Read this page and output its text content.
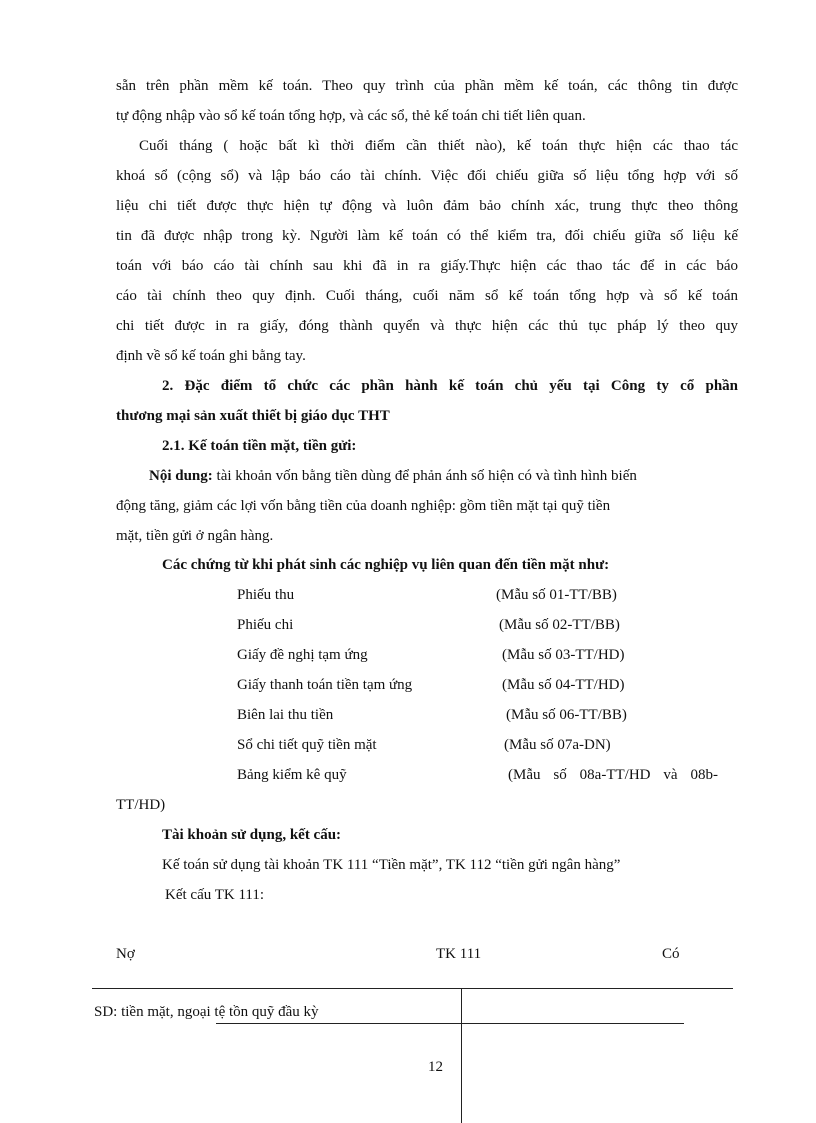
sẵn trên phần mềm kế toán. Theo quy trình của phần mềm kế toán, các thông tin được
tự động nhập vào sổ kế toán tổng hợp, và các sổ, thẻ kế toán chi tiết liên quan.
Cuối tháng ( hoặc bất kì thời điểm cần thiết nào), kế toán thực hiện các thao tác
khoá sổ (cộng sổ) và lập báo cáo tài chính. Việc đối chiếu giữa số liệu tổng hợp với số
liệu chi tiết được thực hiện tự động và luôn đảm bảo chính xác, trung thực theo thông
tin đã được nhập trong kỳ. Người làm kế toán có thể kiểm tra, đối chiếu giữa số liệu kế
toán với báo cáo tài chính sau khi đã in ra giấy.Thực hiện các thao tác để in các báo
cáo tài chính theo quy định. Cuối tháng, cuối năm sổ kế toán tổng hợp và sổ kế toán
chi tiết được in ra giấy, đóng thành quyển và thực hiện các thủ tục pháp lý theo quy
định về sổ kế toán ghi bằng tay.
2. Đặc điểm tổ chức các phần hành kế toán chủ yếu tại Công ty cổ phần
thương mại sản xuất thiết bị giáo dục THT
2.1. Kế toán tiền mặt, tiền gửi:
Nội dung: tài khoản vốn bằng tiền dùng để phản ánh số hiện có và tình hình biến
động tăng, giảm các lợi vốn bằng tiền của doanh nghiệp: gồm tiền mặt tại quỹ tiền
mặt, tiền gửi ở ngân hàng.
Các chứng từ khi phát sinh các nghiệp vụ liên quan đến tiền mặt như:
Phiếu thu	(Mẫu số 01-TT/BB)
Phiếu chi	(Mẫu số 02-TT/BB)
Giấy đề nghị tạm ứng	(Mẫu số 03-TT/HD)
Giấy thanh toán tiền tạm ứng	(Mẫu số 04-TT/HD)
Biên lai thu tiền	(Mẫu số 06-TT/BB)
Sổ chi tiết quỹ tiền mặt	(Mẫu số 07a-DN)
Bảng kiểm kê quỹ	(Mẫu số 08a-TT/HD và 08b-
TT/HD)
Tài khoản sử dụng, kết cấu:
Kế toán sử dụng tài khoản TK 111 “Tiền mặt”, TK 112 “tiền gửi ngân hàng”
Kết cấu TK 111:
Nợ	TK 111	Có
SD: tiền mặt, ngoại tệ tồn quỹ đầu kỳ
12
